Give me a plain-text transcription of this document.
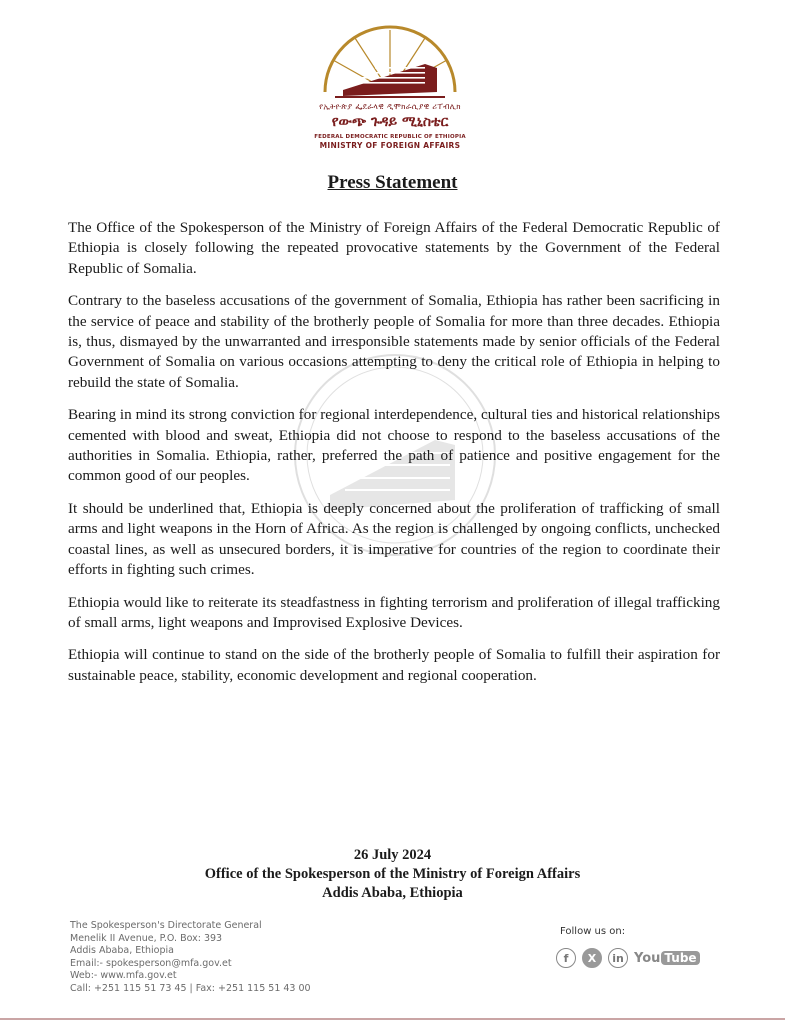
የኢትዮጵያ ፌደራላዊ ዲሞክራሲያዊ ሪፐብሊክ
የውጭ ጉዳይ ሚኒስቴር
FEDERAL DEMOCRATIC REPUBLIC OF ETHIOPIA
MINISTRY OF FOREIGN AFFAIRS
Press Statement

The Office of the Spokesperson of the Ministry of Foreign Affairs of the Federal Democratic Republic of Ethiopia is closely following the repeated provocative statements by the Government of the Federal Republic of Somalia.

Contrary to the baseless accusations of the government of Somalia, Ethiopia has rather been sacrificing in the service of peace and stability of the brotherly people of Somalia for more than three decades. Ethiopia is, thus, dismayed by the unwarranted and irresponsible statements made by senior officials of the Federal Government of Somalia on various occasions attempting to deny the critical role of Ethiopia in helping to rebuild the state of Somalia.

Bearing in mind its strong conviction for regional interdependence, cultural ties and historical relationships cemented with blood and sweat, Ethiopia did not choose to respond to the baseless accusations of the authorities in Somalia. Ethiopia, rather, preferred the path of patience and positive engagement for the common good of our peoples.

It should be underlined that, Ethiopia is deeply concerned about the proliferation of trafficking of small arms and light weapons in the Horn of Africa. As the region is challenged by ongoing conflicts, unchecked coastal lines, as well as unsecured borders, it is imperative for countries of the region to coordinate their efforts in fighting such crimes.

Ethiopia would like to reiterate its steadfastness in fighting terrorism and proliferation of illegal trafficking of small arms, light weapons and Improvised Explosive Devices.

Ethiopia will continue to stand on the side of the brotherly people of Somalia to fulfill their aspiration for sustainable peace, stability, economic development and regional cooperation.

26 July 2024
Office of the Spokesperson of the Ministry of Foreign Affairs
Addis Ababa, Ethiopia
The Spokesperson's Directorate General
Menelik II Avenue, P.O. Box: 393
Addis Ababa, Ethiopia
Email:- spokesperson@mfa.gov.et
Web:- www.mfa.gov.et
Call: +251 115 51 73 45 | Fax: +251 115 51 43 00
Follow us on:
f	X	in You Tube
